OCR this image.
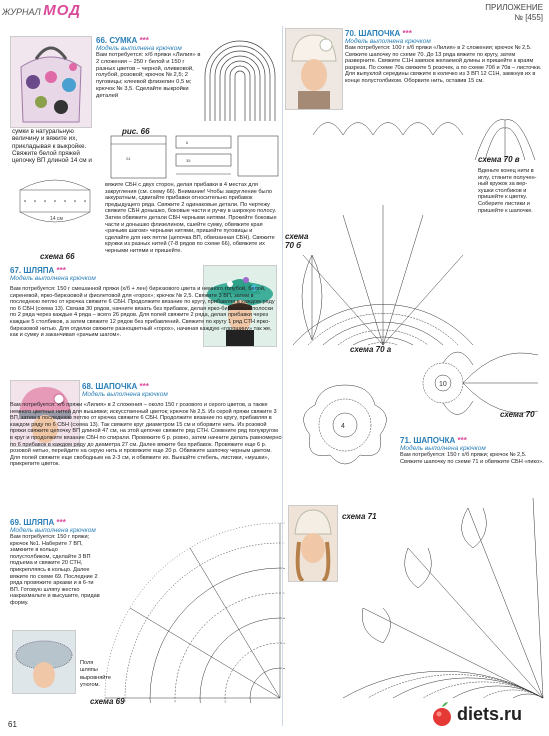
ЖУРНАЛ МОД	ПРИЛОЖЕНИЕ
№ [455]
66. СУМКА ***
Модель выполнена крючком
Вам потребуется: х/б пряжи «Лилия» в 2 сложения – 250 г белой и 150 г разных цветов – черной, оливковой, голубой, розовой; крючок № 2,5; 2 пуговицы; клеевой флизелин 0,5 м; крючок № 3,5. Сделайте выкройки деталей
рис. 66
24
6
35
сумки в натуральную величину и вяжите их, прикладывая к выкройке. Свяжите белой пряжей цепочку ВП длиной 14 см и
14 см
вяжите СБН с двух сторон, делая прибавки в 4 местах для закругления (см. схему 66). Внимание! Чтобы закругление было аккуратным, сдвигайте прибавки относительно прибавок предыдущего ряда. Свяжите 2 одинаковые детали. По чертежу свяжите СБН донышко, боковые части и ручку в широкую полосу. Затем обвяжите детали СБН черными нитями. Прокейте боковые части и донышко флизелином, сшейте сумку, обвяжите края «рачьим шагом» черными нитями, пришейте пуговицы и сделайте для них петли (цепочка ВП, обвязанная СБН). Свяжите кружки из разных нитей (7-8 рядов по схеме 66), обвяжите их черными нитями и пришейте.
схема 66
67. ШЛЯПА ***
Модель выполнена крючком
Вам потребуется: 150 г смешанной пряжи (х/б + лен) бирюзового цвета и немного голубой, белой, сиреневой, ярко-бирюзовой и фиолетовой для «горох»; крючок № 2,5. Свяжите 3 ВП, затем в последнюю петлю от крючка свяжите 6 СБН. Продолжите вязание по кругу, прибавляя в каждом ряду по 6 СБН (схема 13). Связав 30 рядов, начните вязать без прибавок, делая ярко-бирюзовые полоски по 2 ряда через каждые 4 ряда – всего 26 рядов. Для полей свяжите 2 ряда, делая прибавки через каждые 5 столбиков, а затем свяжите 12 рядов без прибавлений. Свяжите по кругу 1 ряд СТН ярко-бирюзовой нитью. Для отделки свяжите разноцветный «горох», начиная каждую «горошину» так же, как и сумку и заканчивая «рачьим шагом».
68. ШАПОЧКА ***
Модель выполнена крючком
Вам потребуется: х/б пряжи «Лилия» в 2 сложения – около 150 г розового и серого цветов, а также немного цветных нитей для вышивки; искусственный цветок; крючок № 2,5. Из серой пряжи свяжите 3 ВП, затем в последнюю петлю от крючка свяжите 6 СБН. Продолжите вязание по кругу, прибавляя в каждом ряду по 6 СБН (схема 13). Так свяжите круг диаметром 15 см и оборвите нить. Из розовой пряжи свяжите цепочку ВП длиной 47 см, на этой цепочке свяжите ряд СТН. Сомкните ряд полукругом в круг и продолжите вязание СБН по спирали. Провяжите 6 р. ровно, затем начните делать равномерно по 6 прибавок в каждом ряду до диаметра 27 см. Далее вяжите без прибавок. Провяжите еще 6 р. розовой нитью, перейдите на серую нить и провяжите еще 20 р. Обвяжите шапочку черным цветом. Для полей свяжите еще свободным на 2-3 см, и обвяжите их. Выешйте стебель, листики, «мушки», прикрепите цветок.
69. ШЛЯПА ***
Модель выполнена крючком
Вам потребуется: 150 г пряжи; крючок №1. Наберите 7 ВП, замкните в кольцо полустолбиком, сделайте 3 ВП подъема и свяжите 20 СТН, прикрепляясь в кольцо. Далее вяжите по схеме 69. Последние 2 ряда провяжите арками и в 6-ти ВП. Готовую шляпу жестко накрахмальте и высушите, придав форму.
Поля шляпы выровняйте утюгом.
схема 69
70. ШАПОЧКА ***
Модель выполнена крючком
Вам потребуется: 100 г х/б пряжи «Лилия» в 2 сложения; крючок № 2,5. Свяжите шапочку по схеме 70. До 13 ряда вяжите по кругу, затем разверните. Свяжите С1Н завязок желаемой длины и пришейте к краям разреза. По схеме 70а свяжите 5 розочек, а по схеме 70б и 70в – листочки. Для выпуклой середины свяжите в колечко из 3 ВП 12 С1Н, замкнув их в конце полустолбиком. Оборвите нить, оставив 15 см.
схема 70 б
схема 70 в
Вденьте конец нити в иглу, стяните получен- ный кружок за вер- хушки столбиков и пришейте к цветку. Соберите листики и пришейте к шапочке.
4
схема 70 а
10
схема 70
71. ШАПОЧКА ***
Модель выполнена крючком
Вам потребуется: 150 г х/б пряжи; крючок № 2,5. Свяжите шапочку по схеме 71 и обвяжите СБН «пико».
схема 71
61
diets.ru
